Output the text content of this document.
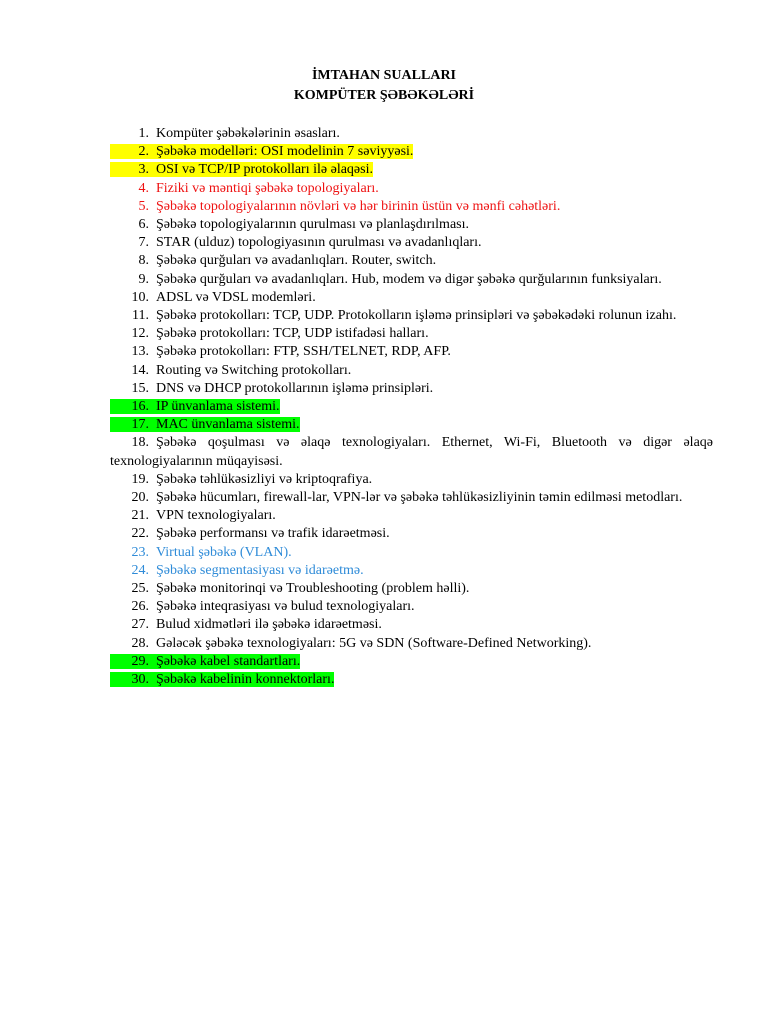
İMTAHAN SUALLARI
KOMPÜTER ŞƏBƏKƏLƏRİ
1. Kompüter şəbəkələrinin əsasları.
2. Şəbəkə modelləri: OSI modelinin 7 səviyyəsi.
3. OSI və TCP/IP protokolları ilə əlaqəsi.
4. Fiziki və məntiqi şəbəkə topologiyaları.
5. Şəbəkə topologiyalarının növləri və hər birinin üstün və mənfi cəhətləri.
6. Şəbəkə topologiyalarının qurulması və planlaşdırılması.
7. STAR (ulduz) topologiyasının qurulması və avadanlıqları.
8. Şəbəkə qurğuları və avadanlıqları. Router, switch.
9. Şəbəkə qurğuları və avadanlıqları. Hub, modem və digər şəbəkə qurğularının funksiyaları.
10. ADSL və VDSL modemləri.
11. Şəbəkə protokolları: TCP, UDP. Protokolların işləmə prinsipləri və şəbəkədəki rolunun izahı.
12. Şəbəkə protokolları: TCP, UDP istifadəsi halları.
13. Şəbəkə protokolları: FTP, SSH/TELNET, RDP, AFP.
14. Routing və Switching protokolları.
15. DNS və DHCP protokollarının işləmə prinsipləri.
16. IP ünvanlama sistemi.
17. MAC ünvanlama sistemi.
18. Şəbəkə qoşulması və əlaqə texnologiyaları. Ethernet, Wi-Fi, Bluetooth və digər əlaqə texnologiyalarının müqayisəsi.
19. Şəbəkə təhlükəsizliyi və kriptoqrafiya.
20. Şəbəkə hücumları, firewall-lar, VPN-lər və şəbəkə təhlükəsizliyinin təmin edilməsi metodları.
21. VPN texnologiyaları.
22. Şəbəkə performansı və trafik idarəetməsi.
23. Virtual şəbəkə (VLAN).
24. Şəbəkə segmentasiyası və idarəetmə.
25. Şəbəkə monitorinqi və Troubleshooting (problem həlli).
26. Şəbəkə inteqrasiyası və bulud texnologiyaları.
27. Bulud xidmətləri ilə şəbəkə idarəetməsi.
28. Gələcək şəbəkə texnologiyaları: 5G və SDN (Software-Defined Networking).
29. Şəbəkə kabel standartları.
30. Şəbəkə kabelinin konnektorları.
